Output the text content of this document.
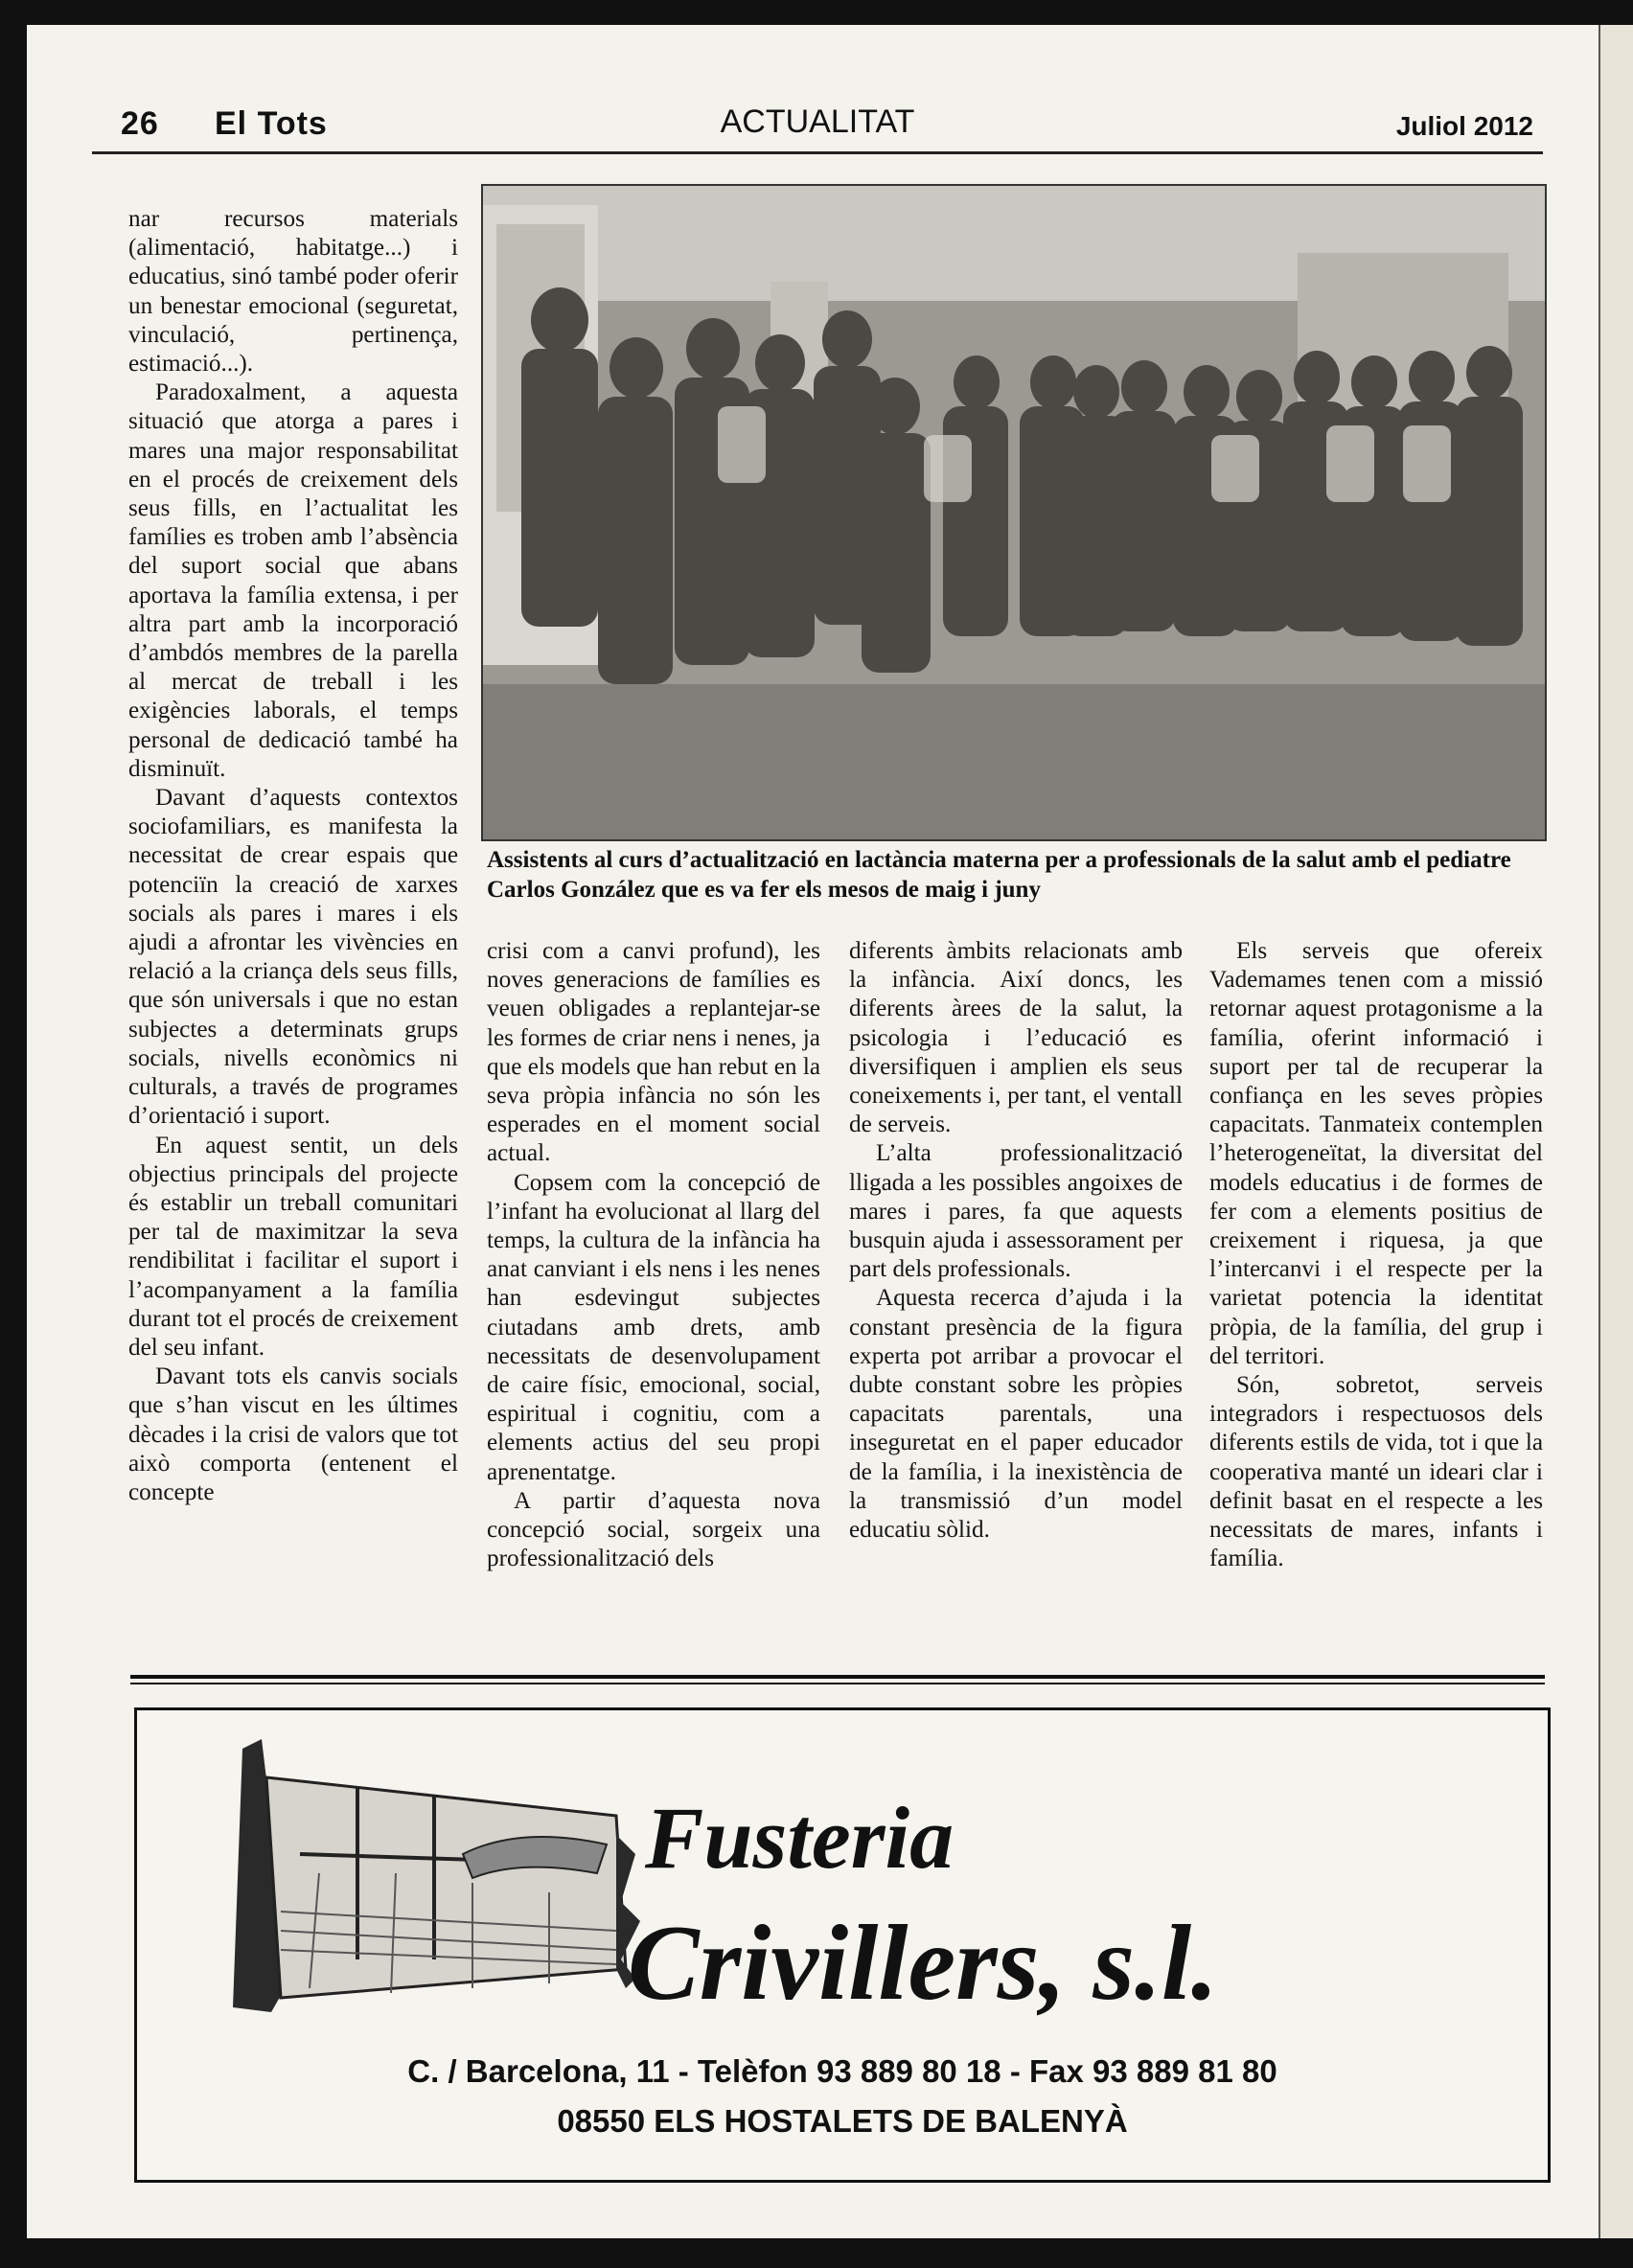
26 El Tots	ACTUALITAT	Juliol 2012

nar recursos materials (alimentació, habitatge...) i educatius, sinó també poder oferir un benestar emocional (seguretat, vinculació, pertinença, estimació...).

Paradoxalment, a aquesta situació que atorga a pares i mares una major responsabilitat en el procés de creixement dels seus fills, en l’actualitat les famílies es troben amb l’absència del suport social que abans aportava la família extensa, i per altra part amb la incorporació d’ambdós membres de la parella al mercat de treball i les exigències laborals, el temps personal de dedicació també ha disminuït.

Davant d’aquests contextos sociofamiliars, es manifesta la necessitat de crear espais que potenciïn la creació de xarxes socials als pares i mares i els ajudi a afrontar les vivències en relació a la criança dels seus fills, que són universals i que no estan subjectes a determinats grups socials, nivells econòmics ni culturals, a través de programes d’orientació i suport.

En aquest sentit, un dels objectius principals del projecte és establir un treball comunitari per tal de maximitzar la seva rendibilitat i facilitar el suport i l’acompanyament a la família durant tot el procés de creixement del seu infant.

Davant tots els canvis socials que s’han viscut en les últimes dècades i la crisi de valors que tot això comporta (entenent el concepte

Assistents al curs d’actualització en lactància materna per a professionals de la salut amb el pediatre Carlos González que es va fer els mesos de maig i juny

crisi com a canvi profund), les noves generacions de famílies es veuen obligades a replantejar-se les formes de criar nens i nenes, ja que els models que han rebut en la seva pròpia infància no són les esperades en el moment social actual.

Copsem com la concepció de l’infant ha evolucionat al llarg del temps, la cultura de la infància ha anat canviant i els nens i les nenes han esdevingut subjectes ciutadans amb drets, amb necessitats de desenvolupament de caire físic, emocional, social, espiritual i cognitiu, com a elements actius del seu propi aprenentatge.

A partir d’aquesta nova concepció social, sorgeix una professionalització dels

diferents àmbits relacionats amb la infància. Així doncs, les diferents àrees de la salut, la psicologia i l’educació es diversifiquen i amplien els seus coneixements i, per tant, el ventall de serveis.

L’alta professionalització lligada a les possibles angoixes de mares i pares, fa que aquests busquin ajuda i assessorament per part dels professionals.

Aquesta recerca d’ajuda i la constant presència de la figura experta pot arribar a provocar el dubte constant sobre les pròpies capacitats parentals, una inseguretat en el paper educador de la família, i la inexistència de la transmissió d’un model educatiu sòlid.

Els serveis que ofereix Vademames tenen com a missió retornar aquest protagonisme a la família, oferint informació i suport per tal de recuperar la confiança en les seves pròpies capacitats. Tanmateix contemplen l’heterogeneïtat, la diversitat del models educatius i de formes de fer com a elements positius de creixement i riquesa, ja que l’intercanvi i el respecte per la varietat potencia la identitat pròpia, de la família, del grup i del territori.

Són, sobretot, serveis integradors i respectuosos dels diferents estils de vida, tot i que la cooperativa manté un ideari clar i definit basat en el respecte a les necessitats de mares, infants i família.

Fusteria
Crivillers, s.l.
C. / Barcelona, 11 - Telèfon 93 889 80 18 - Fax 93 889 81 80
08550 ELS HOSTALETS DE BALENYÀ
